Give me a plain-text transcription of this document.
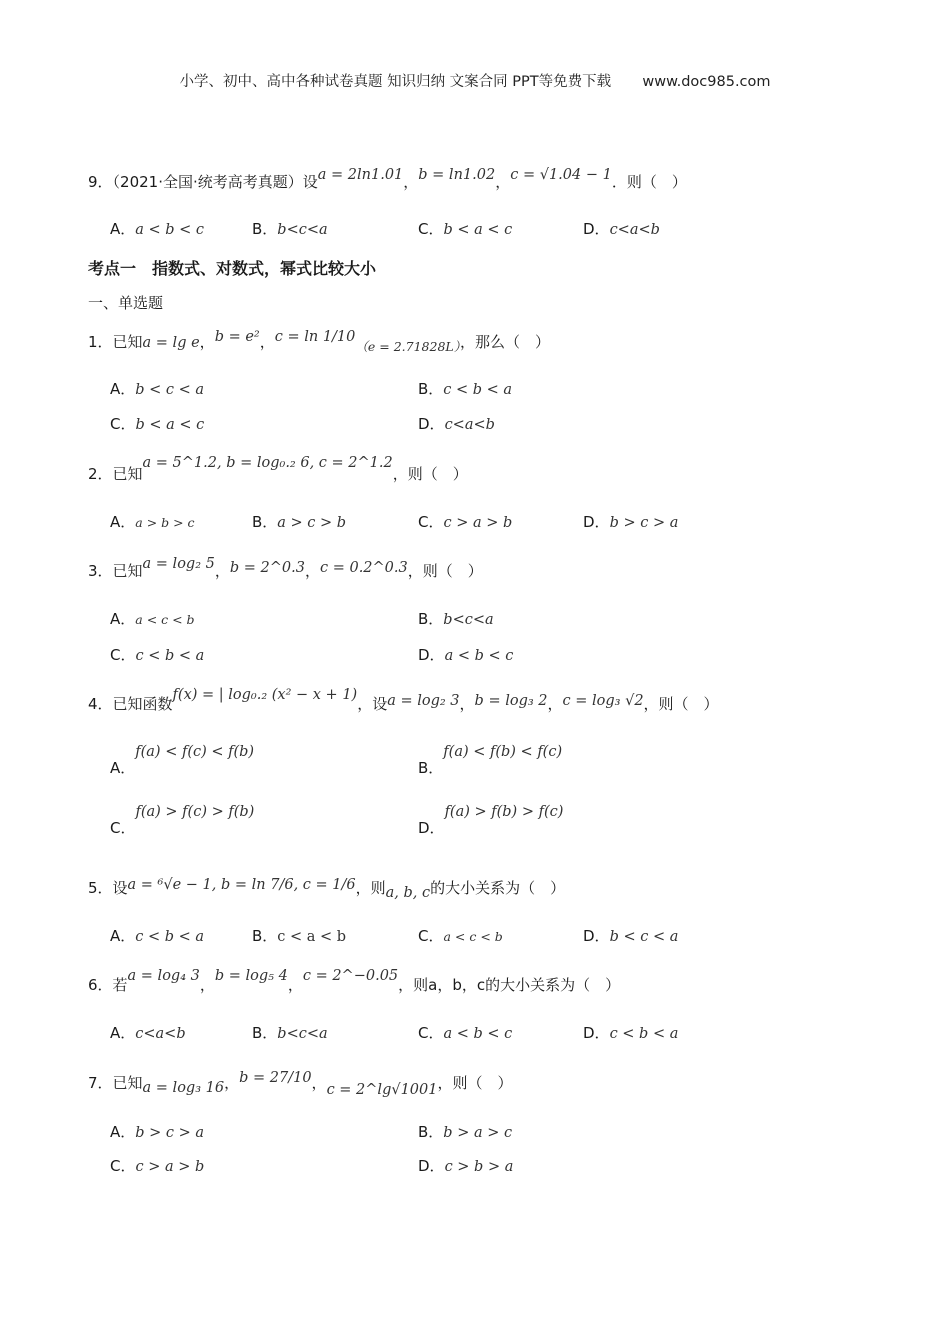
小学、初中、高中各种试卷真题 知识归纳 文案合同 PPT等免费下载 www.doc985.com
9．（2021·全国·统考高考真题）设a = 2ln1.01，b = ln1.02，c = √1.04 − 1．则（　）
A．a < b < c	B．b<c<a	C．b < a < c	D．c<a<b
考点一　指数式、对数式，幂式比较大小
一、单选题
1．已知a = lg e，b = e²，$c = \ln 1/10_{(e = 2.71828L)}$，那么（　）
A．b < c < a	B．c < b < a
C．b < a < c	D．c<a<b
2．已知a = 5^1.2, b = log₀.₂ 6, c = 2^1.2，则（　）
A．a > b > c	B．a > c > b	C．c > a > b	D．b > c > a
3．已知a = log₂ 5，b = 2^0.3，c = 0.2^0.3，则（　）
A．a < c < b	B．b<c<a
C．c < b < a	D．a < b < c
4．已知函数f(x) = | log₀.₂ (x² − x + 1)，设a = log₂ 3，b = log₃ 2，c = log₃ √2，则（　）
A．f(a) < f(c) < f(b)
B．f(a) < f(b) < f(c)
C．f(a) > f(c) > f(b)
D．f(a) > f(b) > f(c)
5．设a = ⁶√e − 1, b = ln 7/6, c = 1/6，则a, b, c的大小关系为（　）
A．c < b < a	B．c < a < b	C．a < c < b	D．b < c < a
6．若a = log₄ 3，b = log₅ 4，c = 2^−0.05，则a，b，c的大小关系为（　）
A．c<a<b	B．b<c<a	C．a < b < c	D．c < b < a
7．已知a = log₃ 16，b = 27/10，c = 2^lg√1001，则（　）
A．b > c > a	B．b > a > c
C．c > a > b	D．c > b > a
